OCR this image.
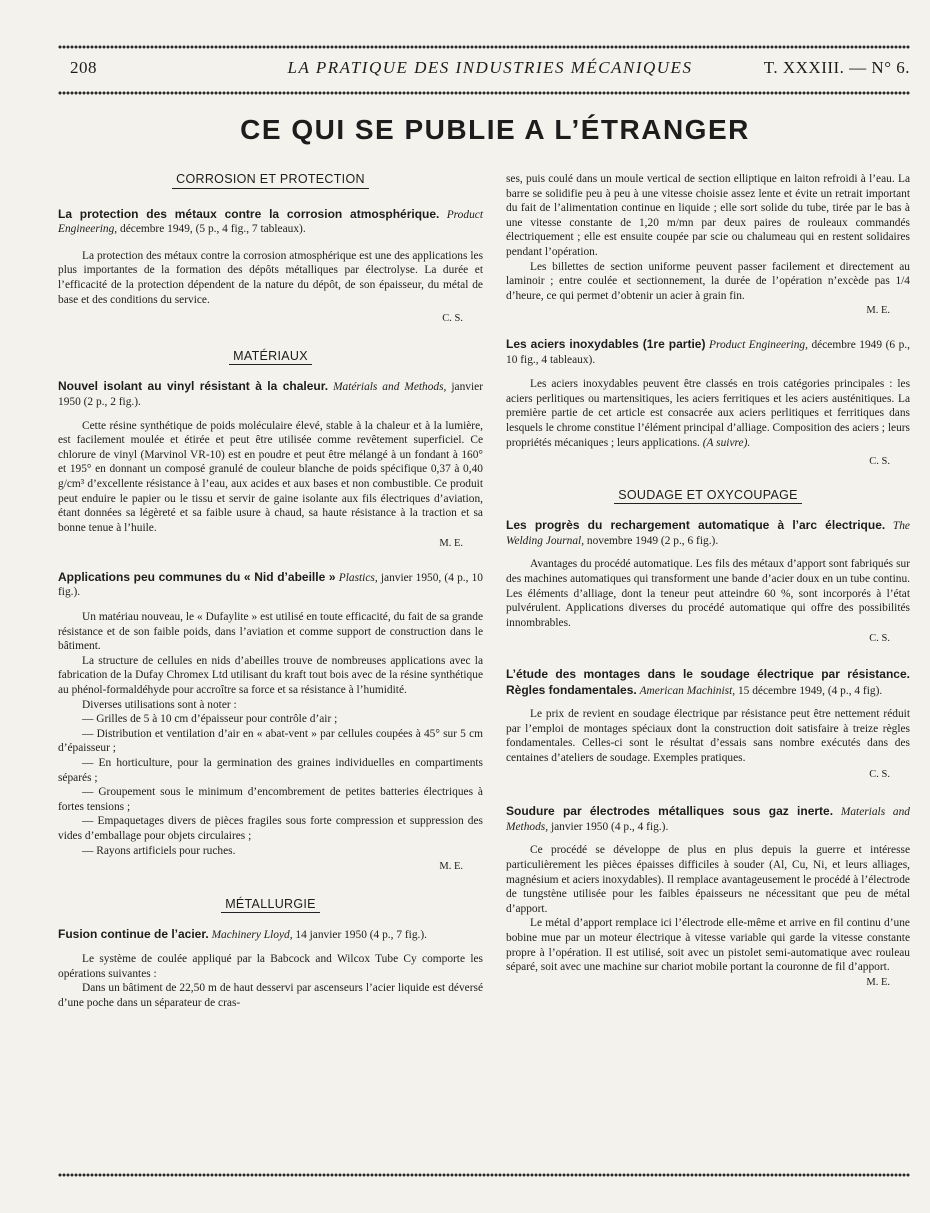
208	LA PRATIQUE DES INDUSTRIES MÉCANIQUES	T. XXXIII. — N° 6.
CE QUI SE PUBLIE A L’ÉTRANGER
CORROSION ET PROTECTION

La protection des métaux contre la corrosion atmosphérique. Product Engineering, décembre 1949, (5 p., 4 fig., 7 tableaux).

La protection des métaux contre la corrosion atmosphérique est une des applications les plus importantes de la formation des dépôts métalliques par électrolyse. La durée et l’efficacité de la protection dépendent de la nature du dépôt, de son épaisseur, du métal de base et des conditions du service.

C. S.

MATÉRIAUX

Nouvel isolant au vinyl résistant à la chaleur. Matérials and Methods, janvier 1950 (2 p., 2 fig.).

Cette résine synthétique de poids moléculaire élevé, stable à la chaleur et à la lumière, est facilement moulée et étirée et peut être utilisée comme revêtement superficiel. Ce chlorure de vinyl (Marvinol VR-10) est en poudre et peut être mélangé à un fondant à 160° et 195° en donnant un composé granulé de couleur blanche de poids spécifique 0,37 à 0,40 g/cm³ d’excellente résistance à l’eau, aux acides et aux bases et non combustible. Ce produit peut enduire le papier ou le tissu et servir de gaine isolante aux fils électriques d’aviation, étant données sa légèreté et sa faible usure à chaud, sa haute résistance à la traction et sa bonne tenue à l’huile.

M. E.

Applications peu communes du « Nid d’abeille » Plastics, janvier 1950, (4 p., 10 fig.).

Un matériau nouveau, le « Dufaylite » est utilisé en toute efficacité, du fait de sa grande résistance et de son faible poids, dans l’aviation et comme support de construction dans le bâtiment.

La structure de cellules en nids d’abeilles trouve de nombreuses applications avec la fabrication de la Dufay Chromex Ltd utilisant du kraft tout bois avec de la résine synthétique au phénol-formaldéhyde pour accroître sa force et sa résistance à l’humidité.

Diverses utilisations sont à noter :

— Grilles de 5 à 10 cm d’épaisseur pour contrôle d’air ;

— Distribution et ventilation d’air en « abat-vent » par cellules coupées à 45° sur 5 cm d’épaisseur ;

— En horticulture, pour la germination des graines individuelles en compartiments séparés ;

— Groupement sous le minimum d’encombrement de petites batteries électriques à fortes tensions ;

— Empaquetages divers de pièces fragiles sous forte compression et suppression des vides d’emballage pour objets circulaires ;

— Rayons artificiels pour ruches.

M. E.

MÉTALLURGIE

Fusion continue de l’acier. Machinery Lloyd, 14 janvier 1950 (4 p., 7 fig.).

Le système de coulée appliqué par la Babcock and Wilcox Tube Cy comporte les opérations suivantes :

Dans un bâtiment de 22,50 m de haut desservi par ascenseurs l’acier liquide est déversé d’une poche dans un séparateur de cras-

ses, puis coulé dans un moule vertical de section elliptique en laiton refroidi à l’eau. La barre se solidifie peu à peu à une vitesse choisie assez lente et évite un retrait important du fait de l’alimentation continue en liquide ; elle sort solide du tube, tirée par le bas à une vitesse constante de 1,20 m/mn par deux paires de rouleaux commandés électriquement ; elle est ensuite coupée par scie ou chalumeau qui en restent solidaires pendant l’opération.

Les billettes de section uniforme peuvent passer facilement et directement au laminoir ; entre coulée et sectionnement, la durée de l’opération n’excède pas 1/4 d’heure, ce qui permet d’obtenir un acier à grain fin.

M. E.

Les aciers inoxydables (1re partie) Product Engineering, décembre 1949 (6 p., 10 fig., 4 tableaux).

Les aciers inoxydables peuvent être classés en trois catégories principales : les aciers perlitiques ou martensitiques, les aciers ferritiques et les aciers austénitiques. La première partie de cet article est consacrée aux aciers perlitiques et ferritiques dans lesquels le chrome constitue l’élément principal d’alliage. Composition des aciers ; leurs propriétés mécaniques ; leurs applications. (A suivre).

C. S.

SOUDAGE ET OXYCOUPAGE

Les progrès du rechargement automatique à l’arc électrique. The Welding Journal, novembre 1949 (2 p., 6 fig.).

Avantages du procédé automatique. Les fils des métaux d’apport sont fabriqués sur des machines automatiques qui transforment une bande d’acier doux en un tube continu. Les éléments d’alliage, dont la teneur peut atteindre 60 %, sont incorporés à l’état pulvérulent. Applications diverses du procédé automatique qui offre des possibilités innombrables.

C. S.

L’étude des montages dans le soudage électrique par résistance. Règles fondamentales. American Machinist, 15 décembre 1949, (4 p., 4 fig).

Le prix de revient en soudage électrique par résistance peut être nettement réduit par l’emploi de montages spéciaux dont la construction doit satisfaire à treize règles fondamentales. Celles-ci sont le résultat d’essais sans nombre exécutés dans des centaines d’ateliers de soudage. Exemples pratiques.

C. S.

Soudure par électrodes métalliques sous gaz inerte. Materials and Methods, janvier 1950 (4 p., 4 fig.).

Ce procédé se développe de plus en plus depuis la guerre et intéresse particulièrement les pièces épaisses difficiles à souder (Al, Cu, Ni, et leurs alliages, magnésium et aciers inoxydables). Il remplace avantageusement le procédé à l’électrode de tungstène utilisée pour les faibles épaisseurs ne nécessitant que peu de métal d’apport.

Le métal d’apport remplace ici l’électrode elle-même et arrive en fil continu d’une bobine mue par un moteur électrique à vitesse variable qui garde la vitesse constante propre à l’opération. Il est utilisé, soit avec un pistolet semi-automatique avec rouleau séparé, soit avec une machine sur chariot mobile portant la couronne de fil d’apport.

M. E.
